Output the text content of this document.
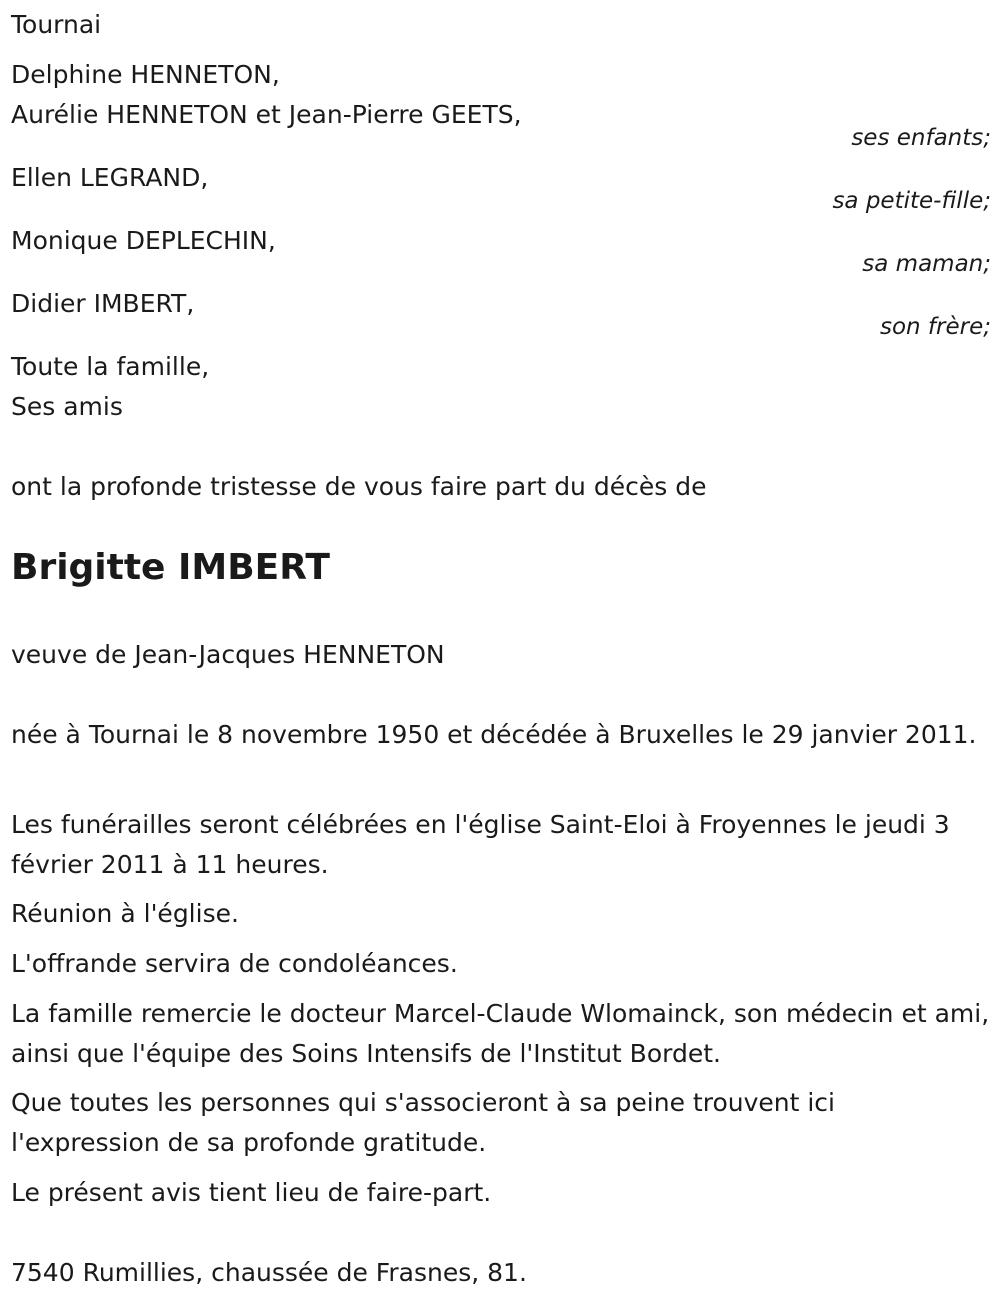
Tournai

Delphine HENNETON,

Aurélie HENNETON et Jean-Pierre GEETS,

ses enfants;

Ellen LEGRAND,

sa petite-fille;

Monique DEPLECHIN,

sa maman;

Didier IMBERT,

son frère;

Toute la famille,

Ses amis

ont la profonde tristesse de vous faire part du décès de

Brigitte IMBERT

veuve de Jean-Jacques HENNETON

née à Tournai le 8 novembre 1950 et décédée à Bruxelles le 29 janvier 2011.

Les funérailles seront célébrées en l'église Saint-Eloi à Froyennes le jeudi 3 février 2011 à 11 heures.

Réunion à l'église.

L'offrande servira de condoléances.

La famille remercie le docteur Marcel-Claude Wlomainck, son médecin et ami, ainsi que l'équipe des Soins Intensifs de l'Institut Bordet.

Que toutes les personnes qui s'associeront à sa peine trouvent ici l'expression de sa profonde gratitude.

Le présent avis tient lieu de faire-part.

7540 Rumillies, chaussée de Frasnes, 81.
